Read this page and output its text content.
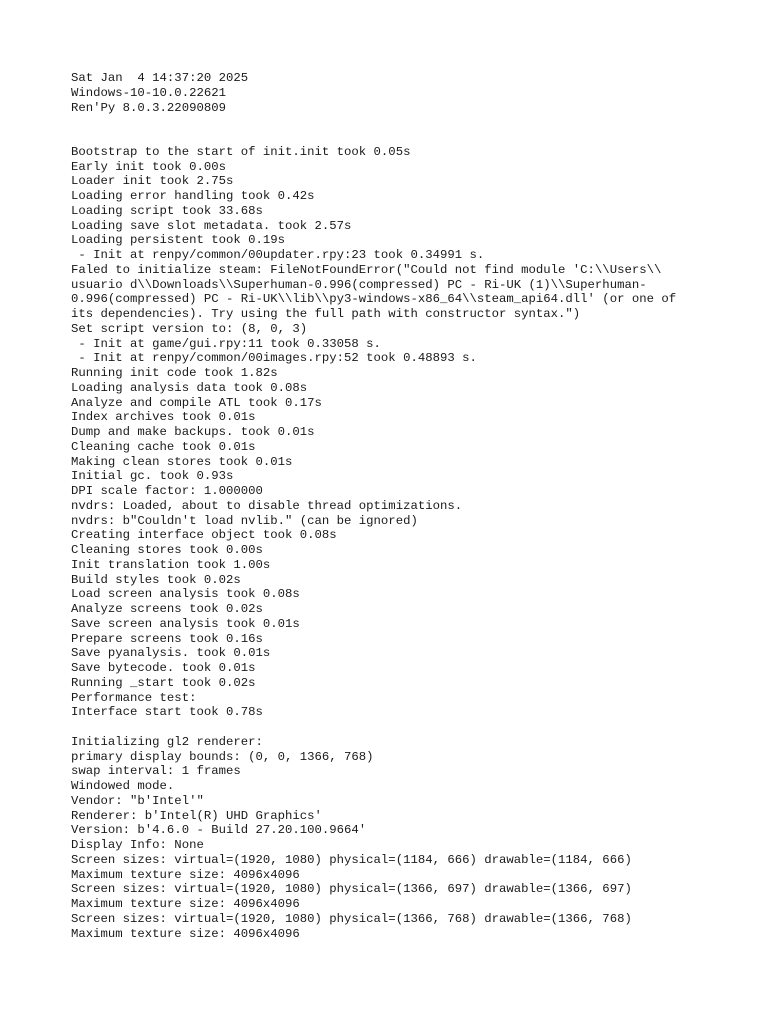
Sat Jan  4 14:37:20 2025
Windows-10-10.0.22621
Ren'Py 8.0.3.22090809
Bootstrap to the start of init.init took 0.05s
Early init took 0.00s
Loader init took 2.75s
Loading error handling took 0.42s
Loading script took 33.68s
Loading save slot metadata. took 2.57s
Loading persistent took 0.19s
- Init at renpy/common/00updater.rpy:23 took 0.34991 s.
Faled to initialize steam: FileNotFoundError("Could not find module 'C:\\Users\\
usuario d\\Downloads\\Superhuman-0.996(compressed) PC - Ri-UK (1)\\Superhuman-
0.996(compressed) PC - Ri-UK\\lib\\py3-windows-x86_64\\steam_api64.dll' (or one of
its dependencies). Try using the full path with constructor syntax.")
Set script version to: (8, 0, 3)
- Init at game/gui.rpy:11 took 0.33058 s.
- Init at renpy/common/00images.rpy:52 took 0.48893 s.
Running init code took 1.82s
Loading analysis data took 0.08s
Analyze and compile ATL took 0.17s
Index archives took 0.01s
Dump and make backups. took 0.01s
Cleaning cache took 0.01s
Making clean stores took 0.01s
Initial gc. took 0.93s
DPI scale factor: 1.000000
nvdrs: Loaded, about to disable thread optimizations.
nvdrs: b"Couldn't load nvlib." (can be ignored)
Creating interface object took 0.08s
Cleaning stores took 0.00s
Init translation took 1.00s
Build styles took 0.02s
Load screen analysis took 0.08s
Analyze screens took 0.02s
Save screen analysis took 0.01s
Prepare screens took 0.16s
Save pyanalysis. took 0.01s
Save bytecode. took 0.01s
Running _start took 0.02s
Performance test:
Interface start took 0.78s
Initializing gl2 renderer:
primary display bounds: (0, 0, 1366, 768)
swap interval: 1 frames
Windowed mode.
Vendor: "b'Intel'"
Renderer: b'Intel(R) UHD Graphics'
Version: b'4.6.0 - Build 27.20.100.9664'
Display Info: None
Screen sizes: virtual=(1920, 1080) physical=(1184, 666) drawable=(1184, 666)
Maximum texture size: 4096x4096
Screen sizes: virtual=(1920, 1080) physical=(1366, 697) drawable=(1366, 697)
Maximum texture size: 4096x4096
Screen sizes: virtual=(1920, 1080) physical=(1366, 768) drawable=(1366, 768)
Maximum texture size: 4096x4096
